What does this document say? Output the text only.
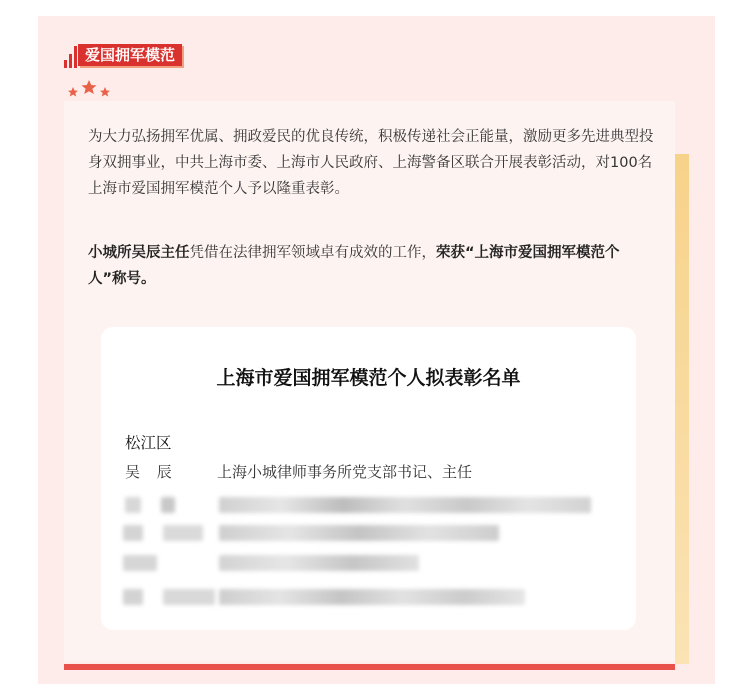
爱国拥军模范

为大力弘扬拥军优属、拥政爱民的优良传统，积极传递社会正能量，激励更多先进典型投身双拥事业，中共上海市委、上海市人民政府、上海警备区联合开展表彰活动，对100名上海市爱国拥军模范个人予以隆重表彰。

小城所吴辰主任凭借在法律拥军领域卓有成效的工作，荣获“上海市爱国拥军模范个人”称号。

上海市爱国拥军模范个人拟表彰名单
松江区
吴 辰	上海小城律师事务所党支部书记、主任
